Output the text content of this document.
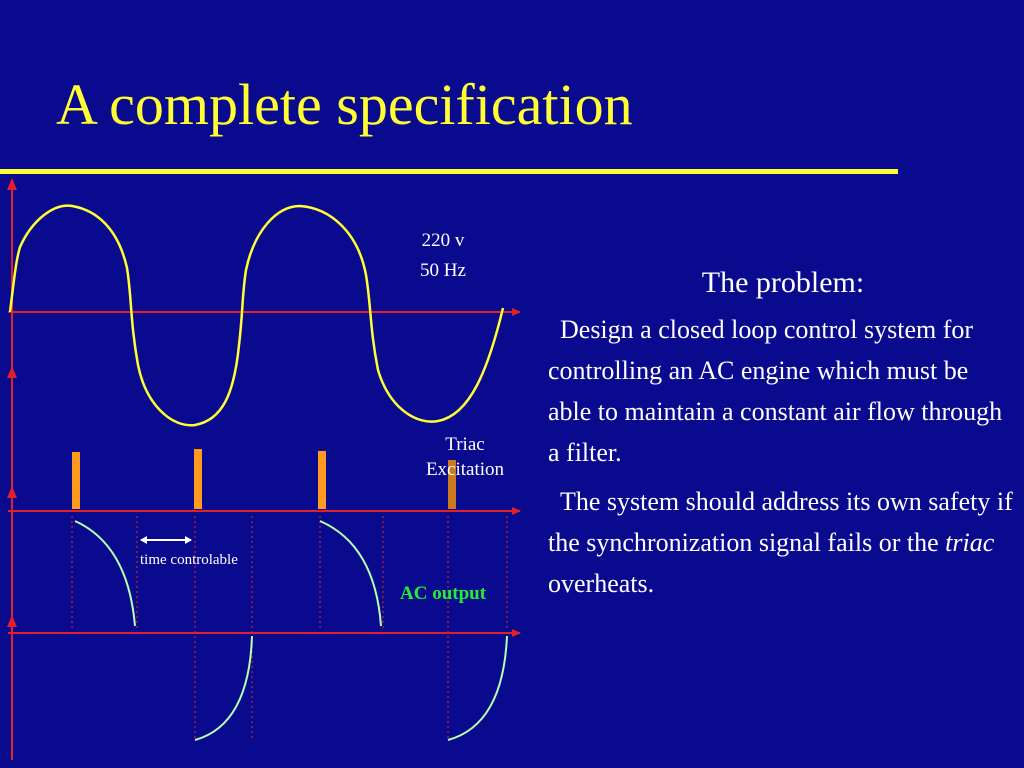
A complete specification
220 v
50 Hz
Triac
Excitation
time controlable
AC output
The problem:

Design a closed loop control system for controlling an AC engine which must be able to maintain a constant air flow through a filter.

The system should address its own safety if the synchronization signal fails or the triac overheats.
